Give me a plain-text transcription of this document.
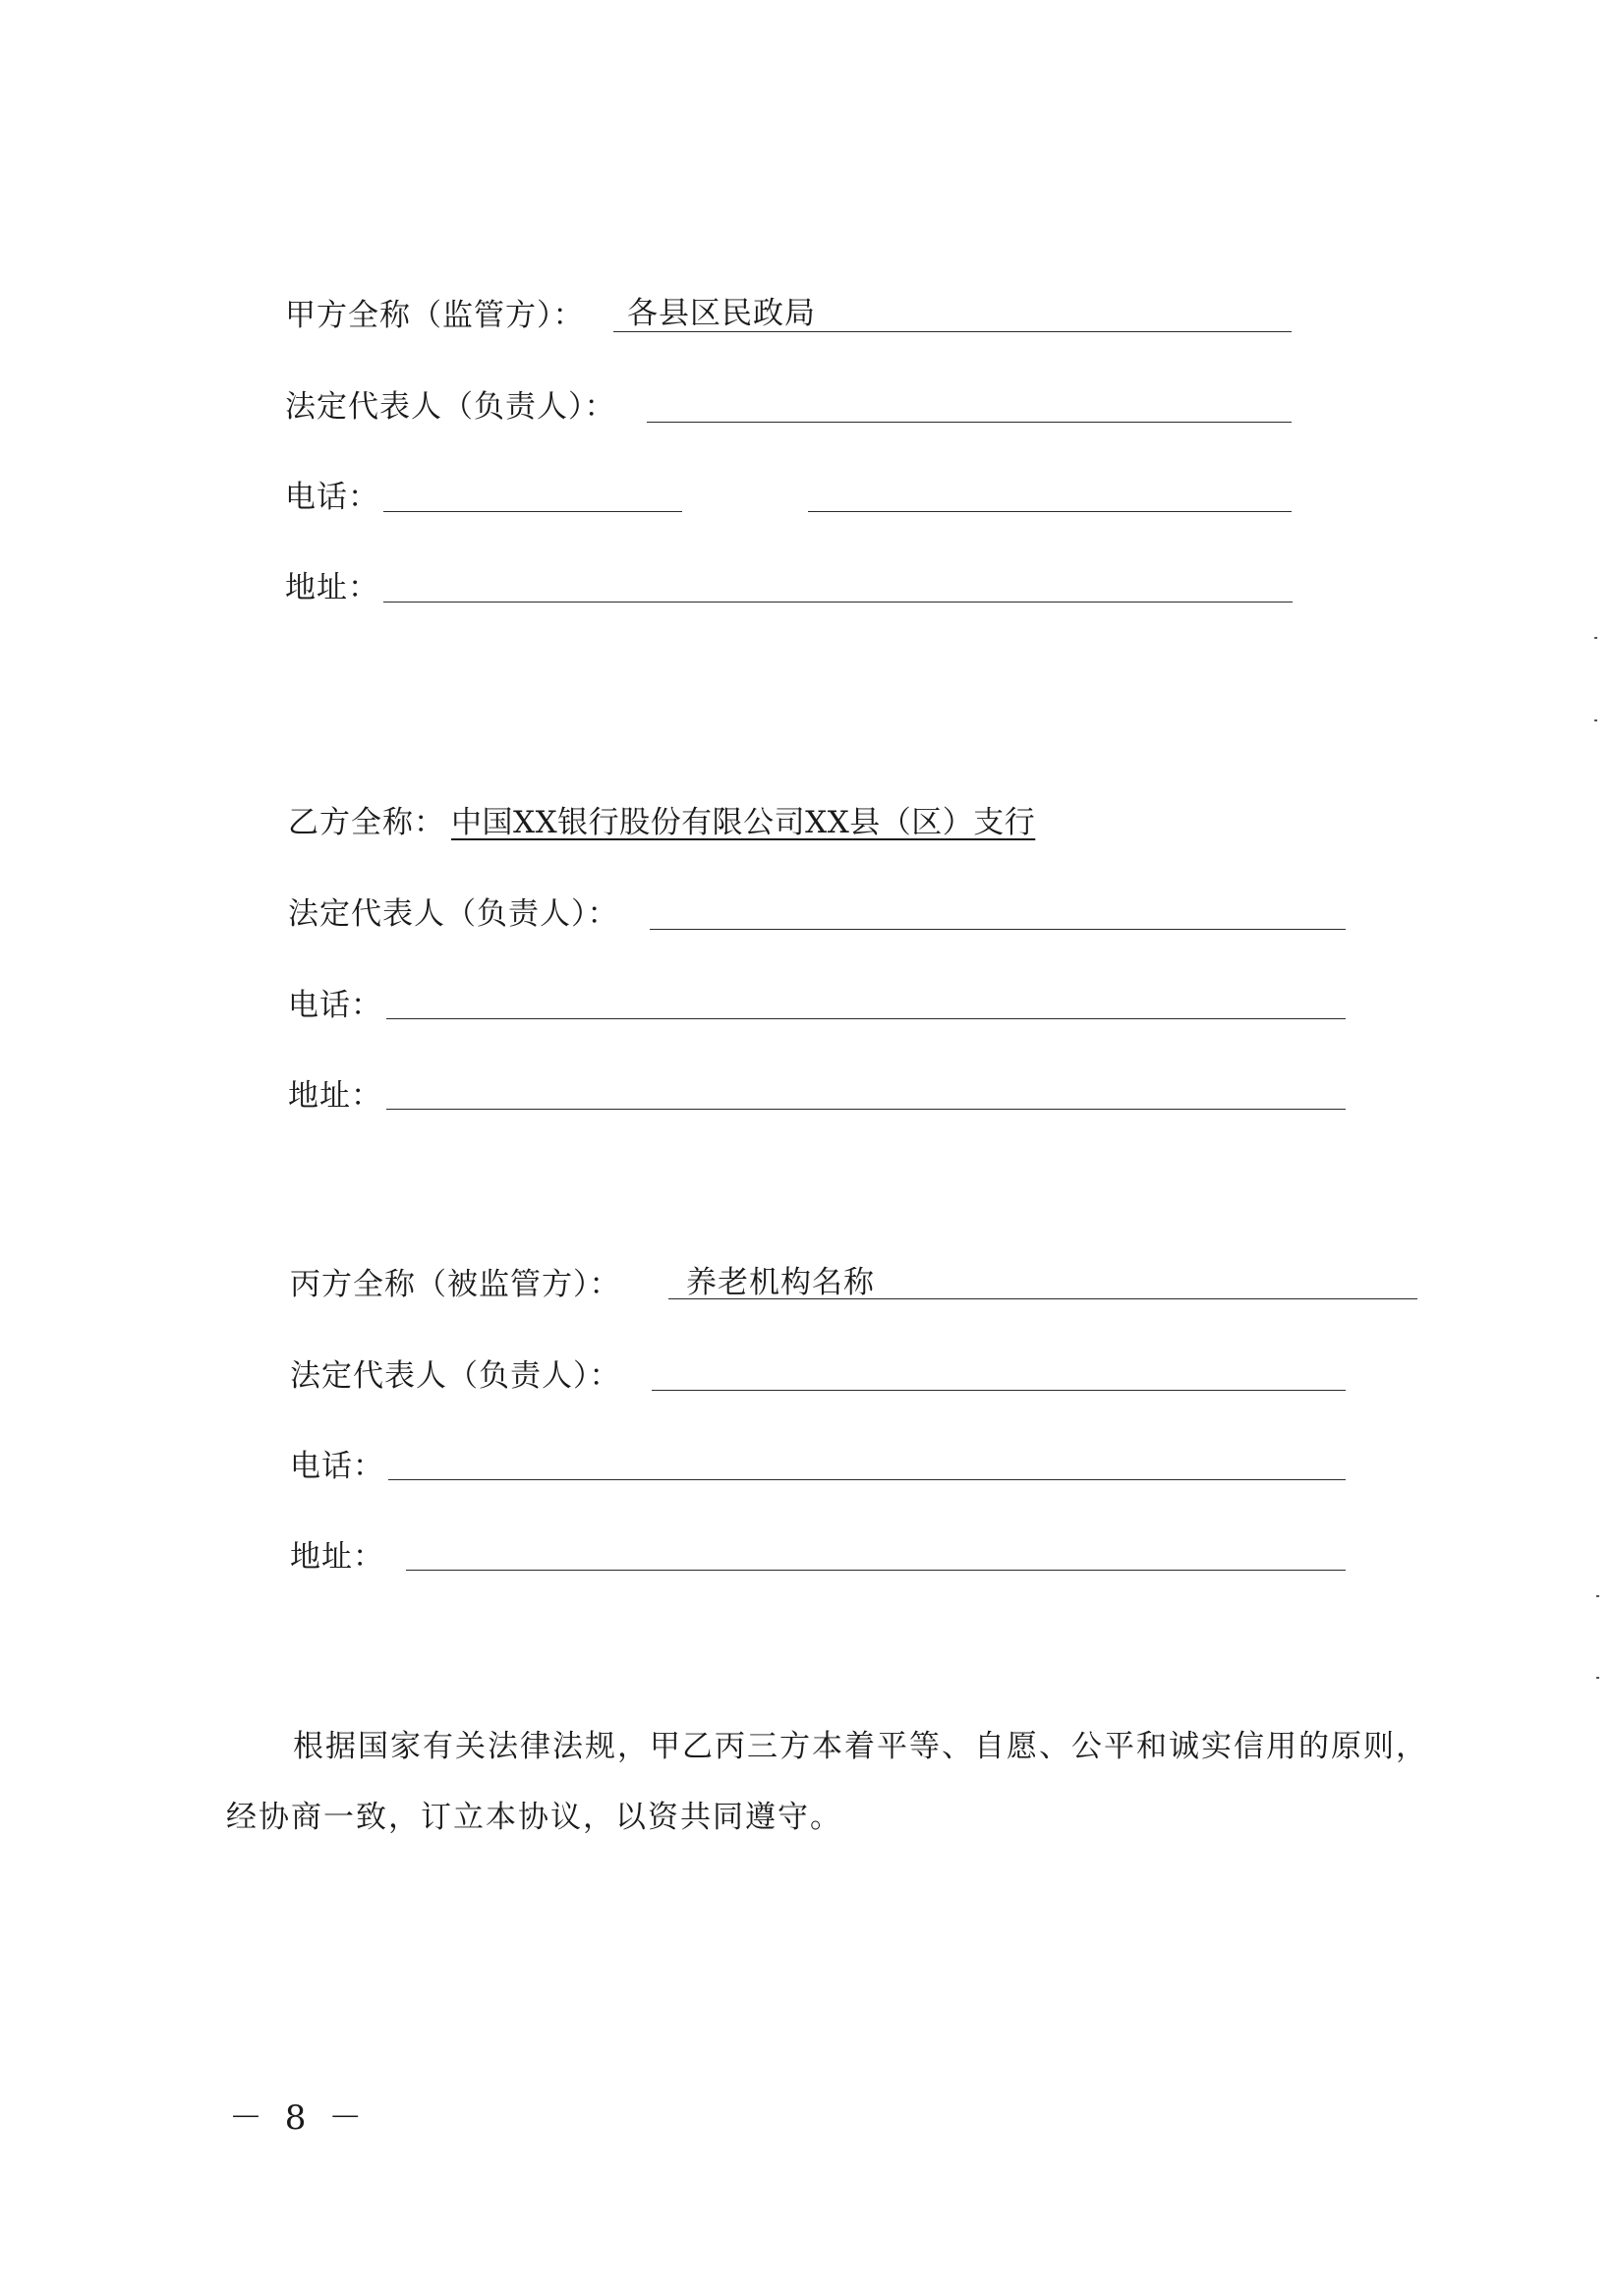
甲方全称（监管方）： 各县区民政局
法定代表人（负责人）：
电话：
地址：
乙方全称： 中国XX银行股份有限公司XX县（区）支行
法定代表人（负责人）：
电话：
地址：
丙方全称（被监管方）： 养老机构名称
法定代表人（负责人）：
电话：
地址：
根据国家有关法律法规，甲乙丙三方本着平等、自愿、公平和诚实信用的原则，
经协商一致，订立本协议，以资共同遵守。
－ 8 －
